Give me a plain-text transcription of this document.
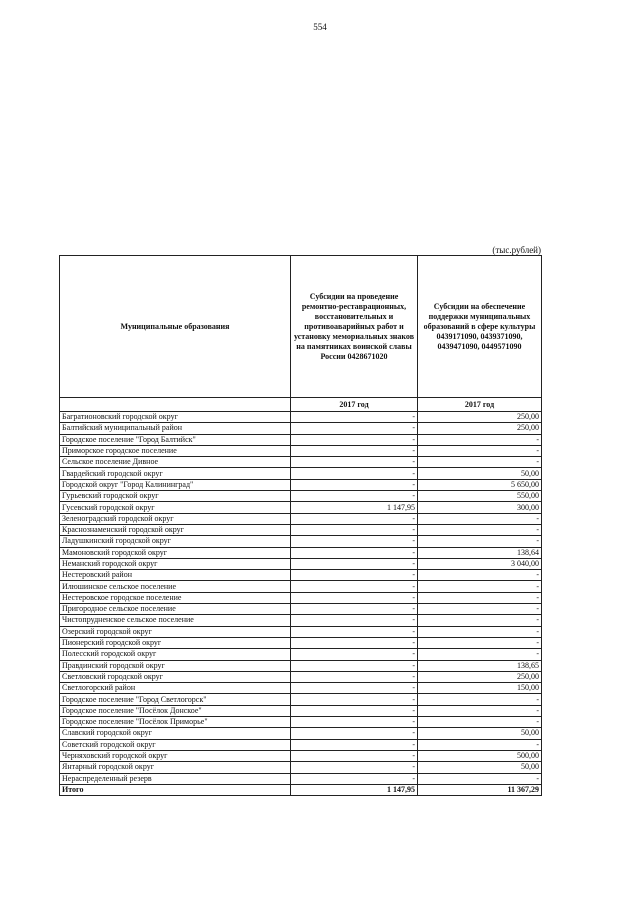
554
(тыс.рублей)
Муниципальные образования	Субсидии на проведение ремонтно-реставрационных, восстановительных и противоаварийных работ и установку мемориальных знаков на памятниках воинской славы России 0428671020	Субсидии на обеспечение поддержки муниципальных образований в сфере культуры 0439171090, 0439371090, 0439471090, 0449571090
	2017 год	2017 год
Багратионовский городской округ	-	250,00
Балтийский муниципальный район	-	250,00
Городское поселение "Город Балтийск"	-	-
Приморское городское поселение	-	-
Сельское поселение Дивное	-	-
Гвардейский городской округ	-	50,00
Городской округ "Город Калининград"	-	5 650,00
Гурьевский городской округ	-	550,00
Гусевский городской округ	1 147,95	300,00
Зеленоградский городской округ	-	-
Краснознаменский городской округ	-	-
Ладушкинский городской округ	-	-
Мамоновский городской округ	-	138,64
Неманский городской округ	-	3 040,00
Нестеровский район	-	-
Илюшинское сельское поселение	-	-
Нестеровское городское поселение	-	-
Пригородное сельское поселение	-	-
Чистопрудненское сельское поселение	-	-
Озерский городской округ	-	-
Пионерский городской округ	-	-
Полесский городской округ	-	-
Правдинский городской округ	-	138,65
Светловский городской округ	-	250,00
Светлогорский район	-	150,00
Городское поселение "Город Светлогорск"	-	-
Городское поселение "Посёлок Донское"	-	-
Городское поселение "Посёлок Приморье"	-	-
Славский городской округ	-	50,00
Советский городской округ	-	-
Черняховский городской округ	-	500,00
Янтарный городской округ	-	50,00
Нераспределенный резерв	-	-
Итого	1 147,95	11 367,29
